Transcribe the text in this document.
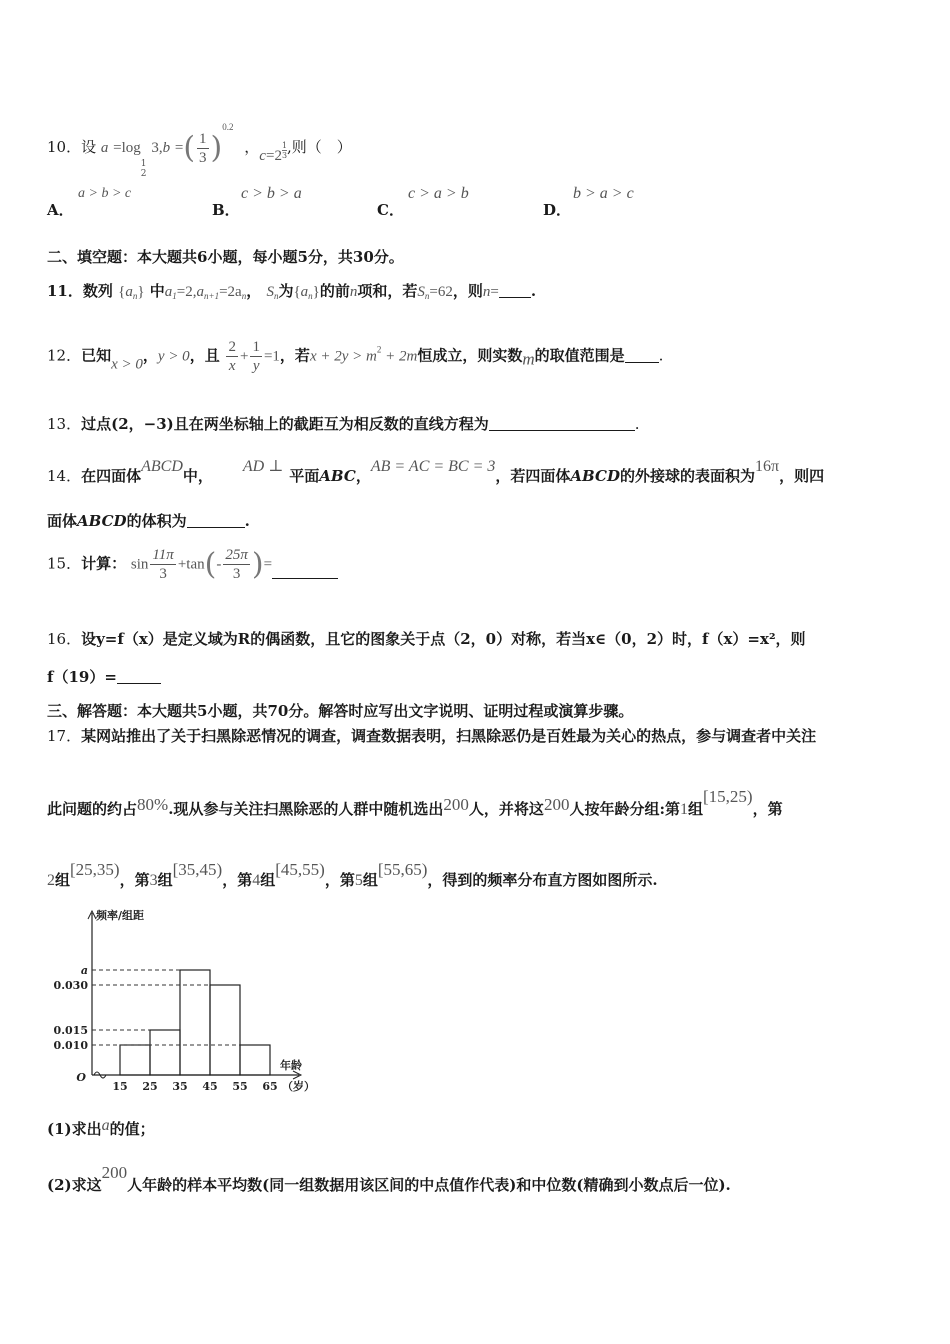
10．设 a =log
1
2
3,b =( $\frac{1}{3} )^{0.2}$ ，$c=2 \frac{1}{3}$ ,则（　）
A．
a > b > c
B．
c > b > a
C．
c > a > b
D．
b > a > c
二、填空题：本大题共6小题，每小题5分，共30分。
11．数列 $\{a_n\}$ 中$a_1=2,a_{n+1}=2a_n$， $S_n$为$\{a_n\}$的前n项和，若$S_n=62$，则n= .
12．已知x > 0，y > 0，且 $\frac{2}{x} + \frac{1}{y} =1$，若$x + 2y > m^2 + 2m$恒成立，则实数m的取值范围是 .
13．过点(2，−3)且在两坐标轴上的截距互为相反数的直线方程为	.
14．在四面体ABCD中，AD ⊥平面ABC，AB = AC = BC = 3，若四面体ABCD的外接球的表面积为16π，则四
面体ABCD的体积为	.
15．计算： $\sin \frac{11\pi}{3} +\tan(- \frac{25\pi}{3}$ )=
16．设y=f（x）是定义域为R的偶函数，且它的图象关于点（2，0）对称，若当x∈（0，2）时，f（x）=x²，则
f（19）=
三、解答题：本大题共5小题，共70分。解答时应写出文字说明、证明过程或演算步骤。
17．某网站推出了关于扫黑除恶情况的调查，调查数据表明，扫黑除恶仍是百姓最为关心的热点，参与调查者中关注
此问题的约占80%.现从参与关注扫黑除恶的人群中随机选出200人，并将这200人按年龄分组:第1组[15,25)，第
2组[25,35)，第3组[35,45)，第4组[45,55)，第5组[55,65)，得到的频率分布直方图如图所示.
0.010
0.015
0.030
a
15 25 35 45 55 65
O
频率/组距
年龄
（岁）
(1)求出a的值；
(2)求这200人年龄的样本平均数(同一组数据用该区间的中点值作代表)和中位数(精确到小数点后一位).
